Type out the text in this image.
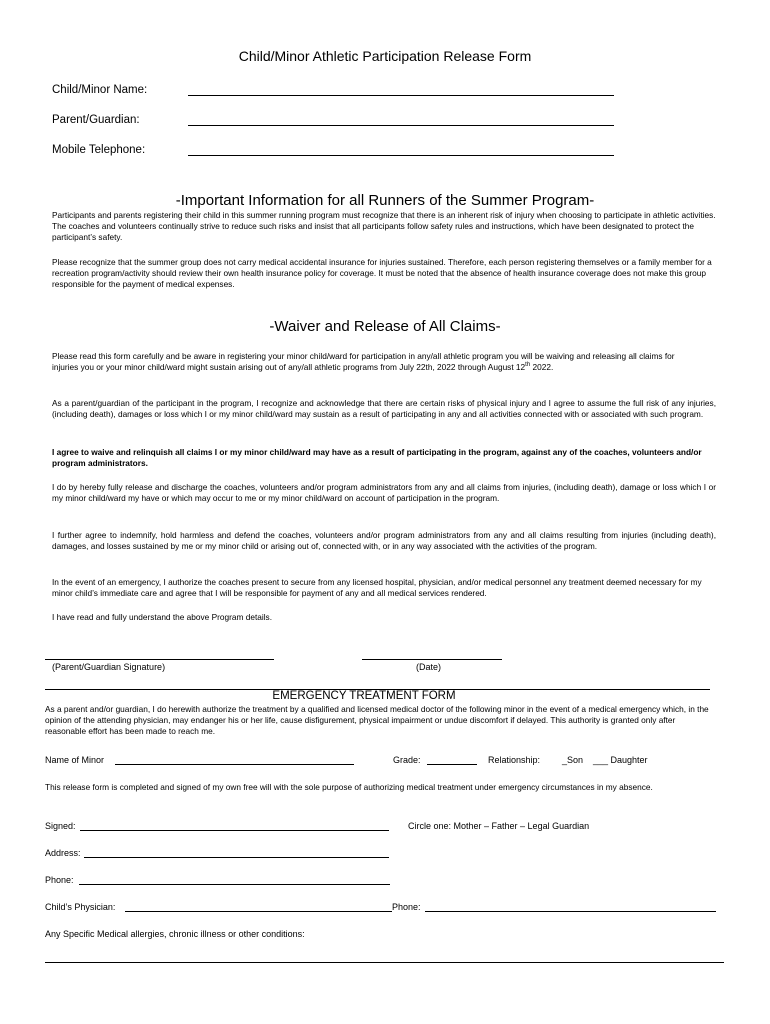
Child/Minor Athletic Participation Release Form
Child/Minor Name:
Parent/Guardian:
Mobile Telephone:
-Important Information for all Runners of the Summer Program-
Participants and parents registering their child in this summer running program must recognize that there is an inherent risk of injury when choosing to participate in athletic activities. The coaches and volunteers continually strive to reduce such risks and insist that all participants follow safety rules and instructions, which have been designated to protect the participant’s safety.
Please recognize that the summer group does not carry medical accidental insurance for injuries sustained. Therefore, each person registering themselves or a family member for a recreation program/activity should review their own health insurance policy for coverage. It must be noted that the absence of health insurance coverage does not make this group responsible for the payment of medical expenses.
-Waiver and Release of All Claims-
Please read this form carefully and be aware in registering your minor child/ward for participation in any/all athletic program you will be waiving and releasing all claims for injuries you or your minor child/ward might sustain arising out of any/all athletic programs from July 22th, 2022 through August 12th 2022.
As a parent/guardian of the participant in the program, I recognize and acknowledge that there are certain risks of physical injury and I agree to assume the full risk of any injuries, (including death), damages or loss which I or my minor child/ward may sustain as a result of participating in any and all activities connected with or associated with such program.
I agree to waive and relinquish all claims I or my minor child/ward may have as a result of participating in the program, against any of the coaches, volunteers and/or program administrators.
I do by hereby fully release and discharge the coaches, volunteers and/or program administrators from any and all claims from injuries, (including death), damage or loss which I or my minor child/ward my have or which may occur to me or my minor child/ward on account of participation in the program.
I further agree to indemnify, hold harmless and defend the coaches, volunteers and/or program administrators from any and all claims resulting from injuries (including death), damages, and losses sustained by me or my minor child or arising out of, connected with, or in any way associated with the activities of the program.
In the event of an emergency, I authorize the coaches present to secure from any licensed hospital, physician, and/or medical personnel any treatment deemed necessary for my minor child’s immediate care and agree that I will be responsible for payment of any and all medical services rendered.
I have read and fully understand the above Program details.
(Parent/Guardian Signature)	(Date)
EMERGENCY TREATMENT FORM
As a parent and/or guardian, I do herewith authorize the treatment by a qualified and licensed medical doctor of the following minor in the event of a medical emergency which, in the opinion of the attending physician, may endanger his or her life, cause disfigurement, physical impairment or undue discomfort if delayed. This authority is granted only after reasonable effort has been made to reach me.
Name of Minor	Grade:	Relationship: _Son ___ Daughter
This release form is completed and signed of my own free will with the sole purpose of authorizing medical treatment under emergency circumstances in my absence.
Signed:	Circle one: Mother – Father – Legal Guardian
Address:
Phone:
Child’s Physician:	Phone:
Any Specific Medical allergies, chronic illness or other conditions:
